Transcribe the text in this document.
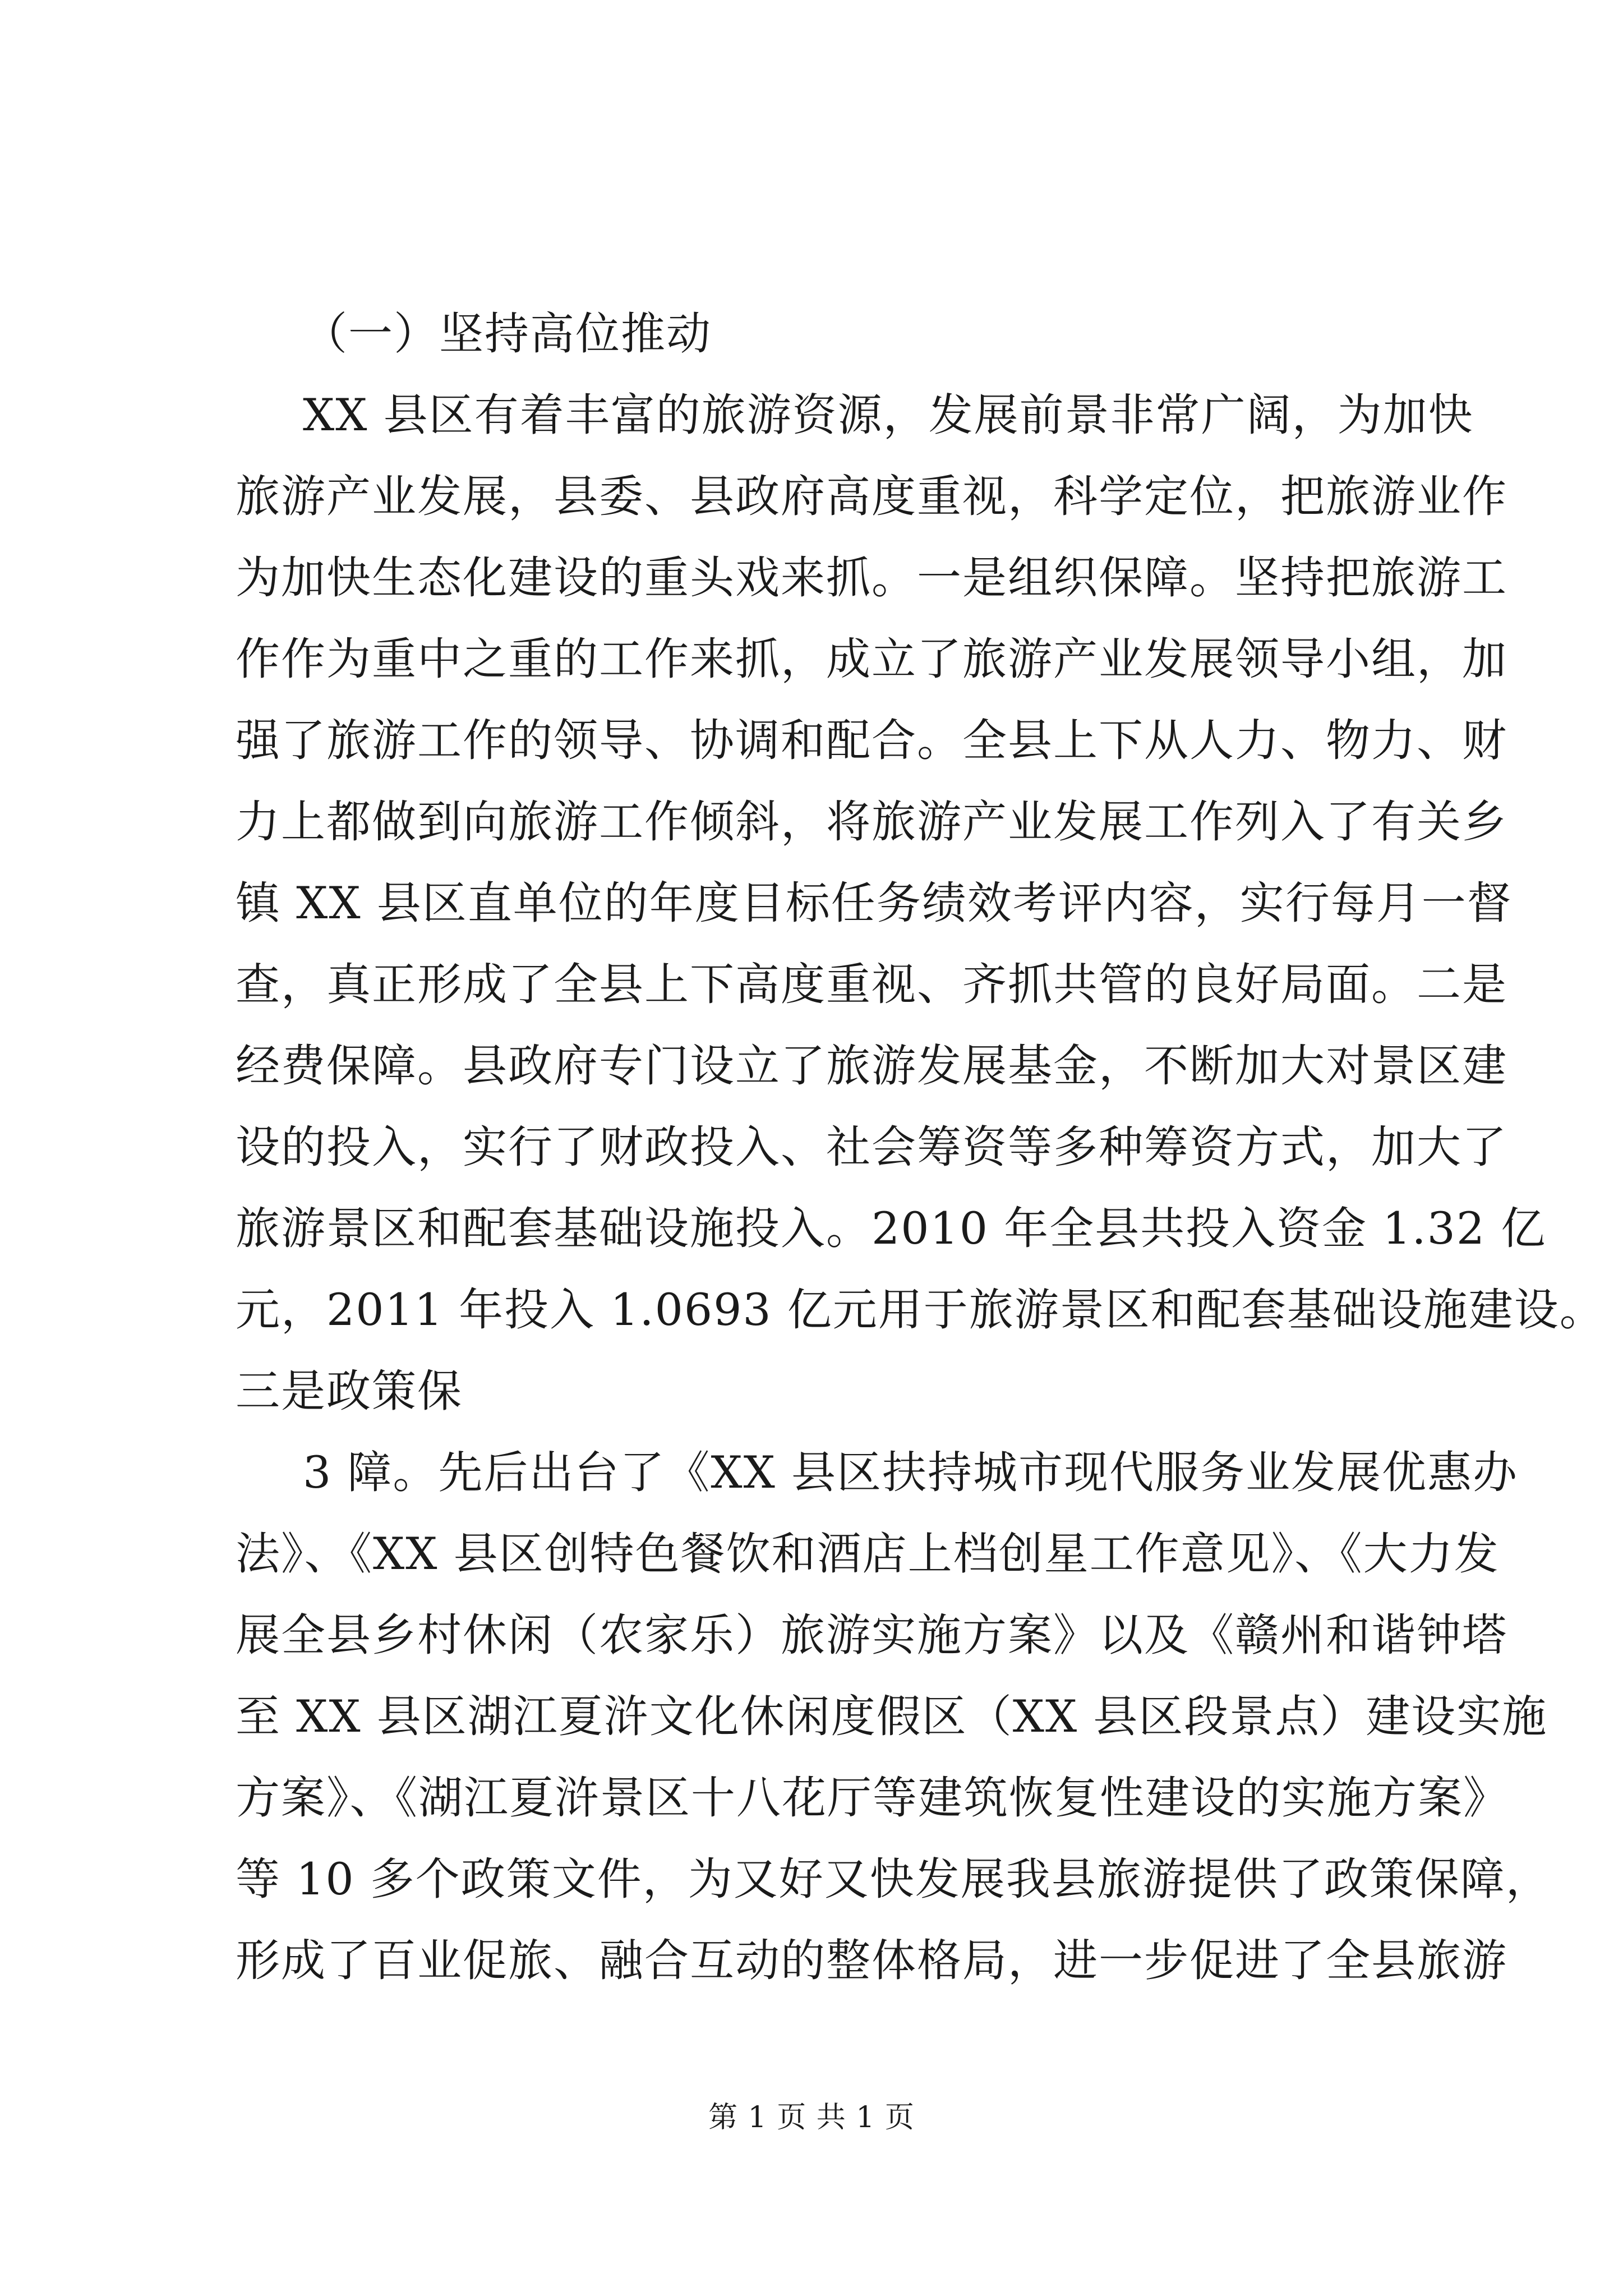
（一）坚持高位推动
XX 县区有着丰富的旅游资源，发展前景非常广阔，为加快
旅游产业发展，县委、县政府高度重视，科学定位，把旅游业作
为加快生态化建设的重头戏来抓。一是组织保障。坚持把旅游工
作作为重中之重的工作来抓，成立了旅游产业发展领导小组，加
强了旅游工作的领导、协调和配合。全县上下从人力、物力、财
力上都做到向旅游工作倾斜，将旅游产业发展工作列入了有关乡
镇 XX 县区直单位的年度目标任务绩效考评内容，实行每月一督
查，真正形成了全县上下高度重视、齐抓共管的良好局面。二是
经费保障。县政府专门设立了旅游发展基金，不断加大对景区建
设的投入，实行了财政投入、社会筹资等多种筹资方式，加大了
旅游景区和配套基础设施投入。2010 年全县共投入资金 1.32 亿
元，2011 年投入 1.0693 亿元用于旅游景区和配套基础设施建设。
三是政策保
3 障。先后出台了《XX 县区扶持城市现代服务业发展优惠办
法》、《XX 县区创特色餐饮和酒店上档创星工作意见》、《大力发
展全县乡村休闲（农家乐）旅游实施方案》以及《赣州和谐钟塔
至 XX 县区湖江夏浒文化休闲度假区（XX 县区段景点）建设实施
方案》、《湖江夏浒景区十八花厅等建筑恢复性建设的实施方案》
等 10 多个政策文件，为又好又快发展我县旅游提供了政策保障，
形成了百业促旅、融合互动的整体格局，进一步促进了全县旅游
第 1 页 共 1 页
